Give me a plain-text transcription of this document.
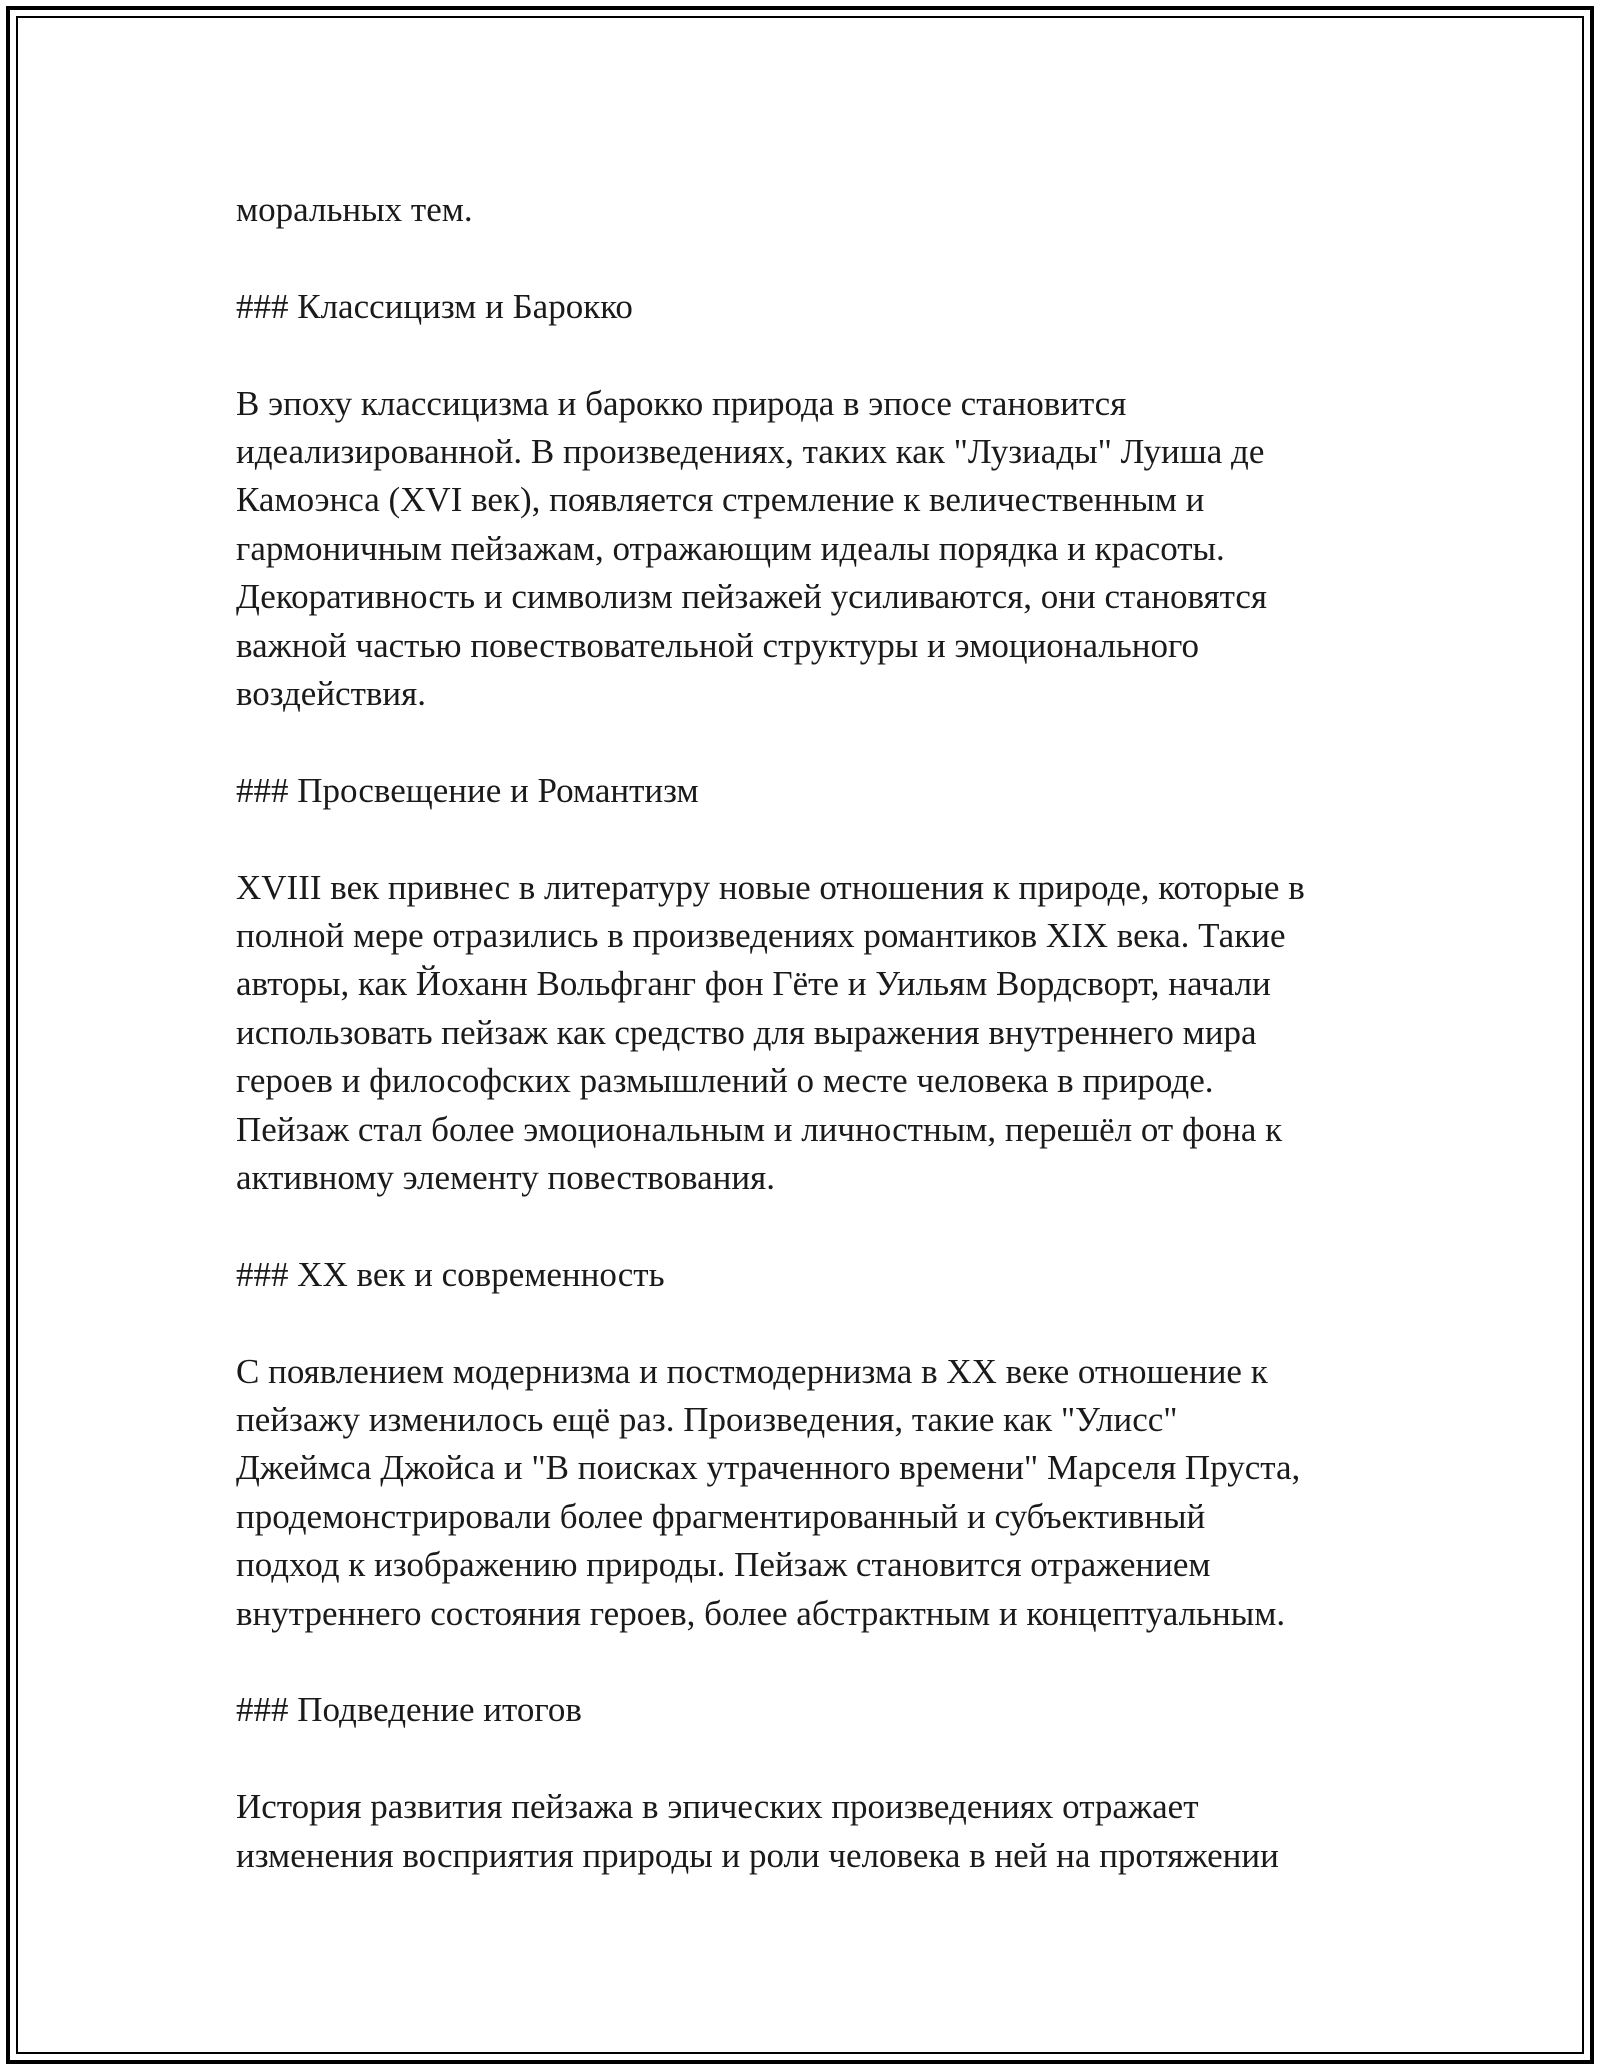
моральных тем.

### Классицизм и Барокко

В эпоху классицизма и барокко природа в эпосе становится
идеализированной. В произведениях, таких как "Лузиады" Луиша де
Камоэнса (XVI век), появляется стремление к величественным и
гармоничным пейзажам, отражающим идеалы порядка и красоты.
Декоративность и символизм пейзажей усиливаются, они становятся
важной частью повествовательной структуры и эмоционального
воздействия.

### Просвещение и Романтизм

XVIII век привнес в литературу новые отношения к природе, которые в
полной мере отразились в произведениях романтиков XIX века. Такие
авторы, как Йоханн Вольфганг фон Гёте и Уильям Вордсворт, начали
использовать пейзаж как средство для выражения внутреннего мира
героев и философских размышлений о месте человека в природе.
Пейзаж стал более эмоциональным и личностным, перешёл от фона к
активному элементу повествования.

### XX век и современность

С появлением модернизма и постмодернизма в XX веке отношение к
пейзажу изменилось ещё раз. Произведения, такие как "Улисс"
Джеймса Джойса и "В поисках утраченного времени" Марселя Пруста,
продемонстрировали более фрагментированный и субъективный
подход к изображению природы. Пейзаж становится отражением
внутреннего состояния героев, более абстрактным и концептуальным.

### Подведение итогов

История развития пейзажа в эпических произведениях отражает
изменения восприятия природы и роли человека в ней на протяжении
